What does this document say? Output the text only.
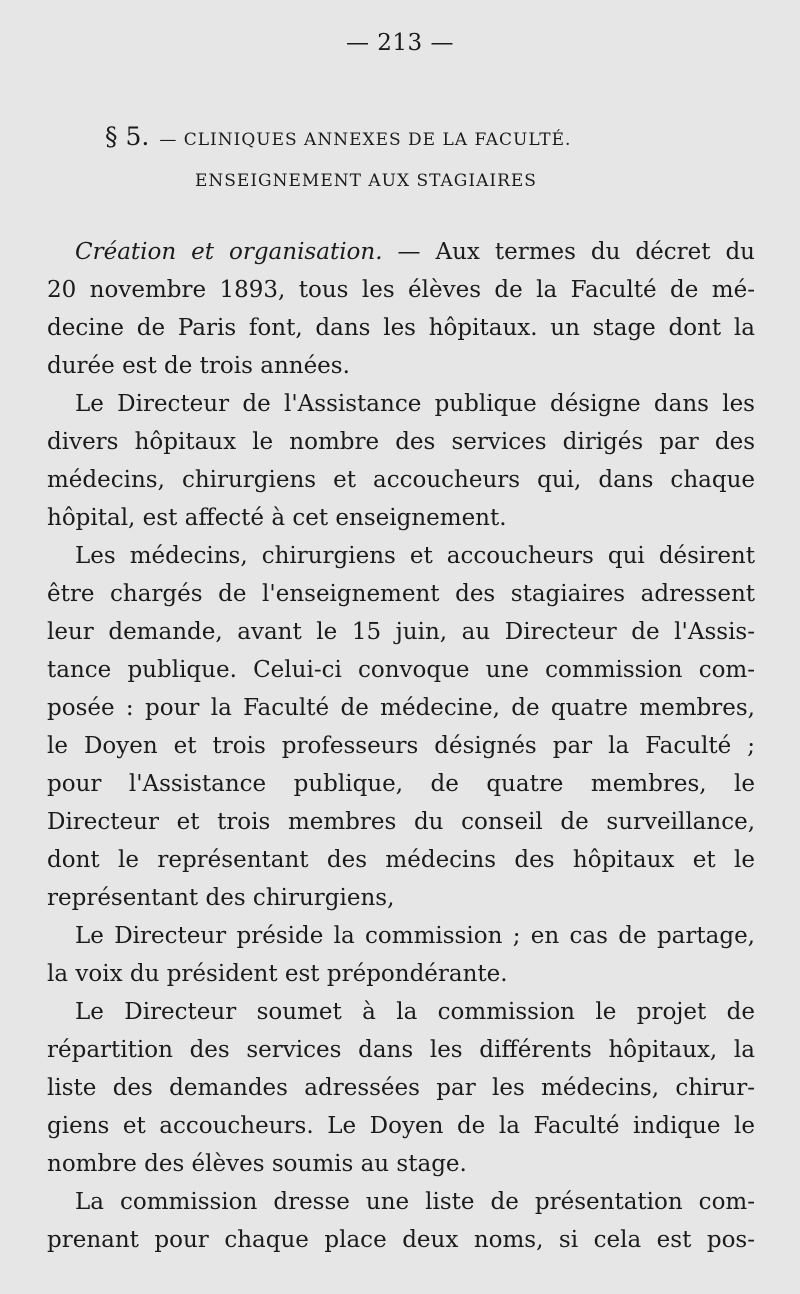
— 213 —
§ 5. — CLINIQUES ANNEXES DE LA FACULTÉ.
ENSEIGNEMENT AUX STAGIAIRES
Création et organisation. — Aux termes du décret du
20 novembre 1893, tous les élèves de la Faculté de mé-
decine de Paris font, dans les hôpitaux. un stage dont la
durée est de trois années.
Le Directeur de l'Assistance publique désigne dans les
divers hôpitaux le nombre des services dirigés par des
médecins, chirurgiens et accoucheurs qui, dans chaque
hôpital, est affecté à cet enseignement.
Les médecins, chirurgiens et accoucheurs qui désirent
être chargés de l'enseignement des stagiaires adressent
leur demande, avant le 15 juin, au Directeur de l'Assis-
tance publique. Celui-ci convoque une commission com-
posée : pour la Faculté de médecine, de quatre membres,
le Doyen et trois professeurs désignés par la Faculté ;
pour l'Assistance publique, de quatre membres, le
Directeur et trois membres du conseil de surveillance,
dont le représentant des médecins des hôpitaux et le
représentant des chirurgiens,
Le Directeur préside la commission ; en cas de partage,
la voix du président est prépondérante.
Le Directeur soumet à la commission le projet de
répartition des services dans les différents hôpitaux, la
liste des demandes adressées par les médecins, chirur-
giens et accoucheurs. Le Doyen de la Faculté indique le
nombre des élèves soumis au stage.
La commission dresse une liste de présentation com-
prenant pour chaque place deux noms, si cela est pos-
